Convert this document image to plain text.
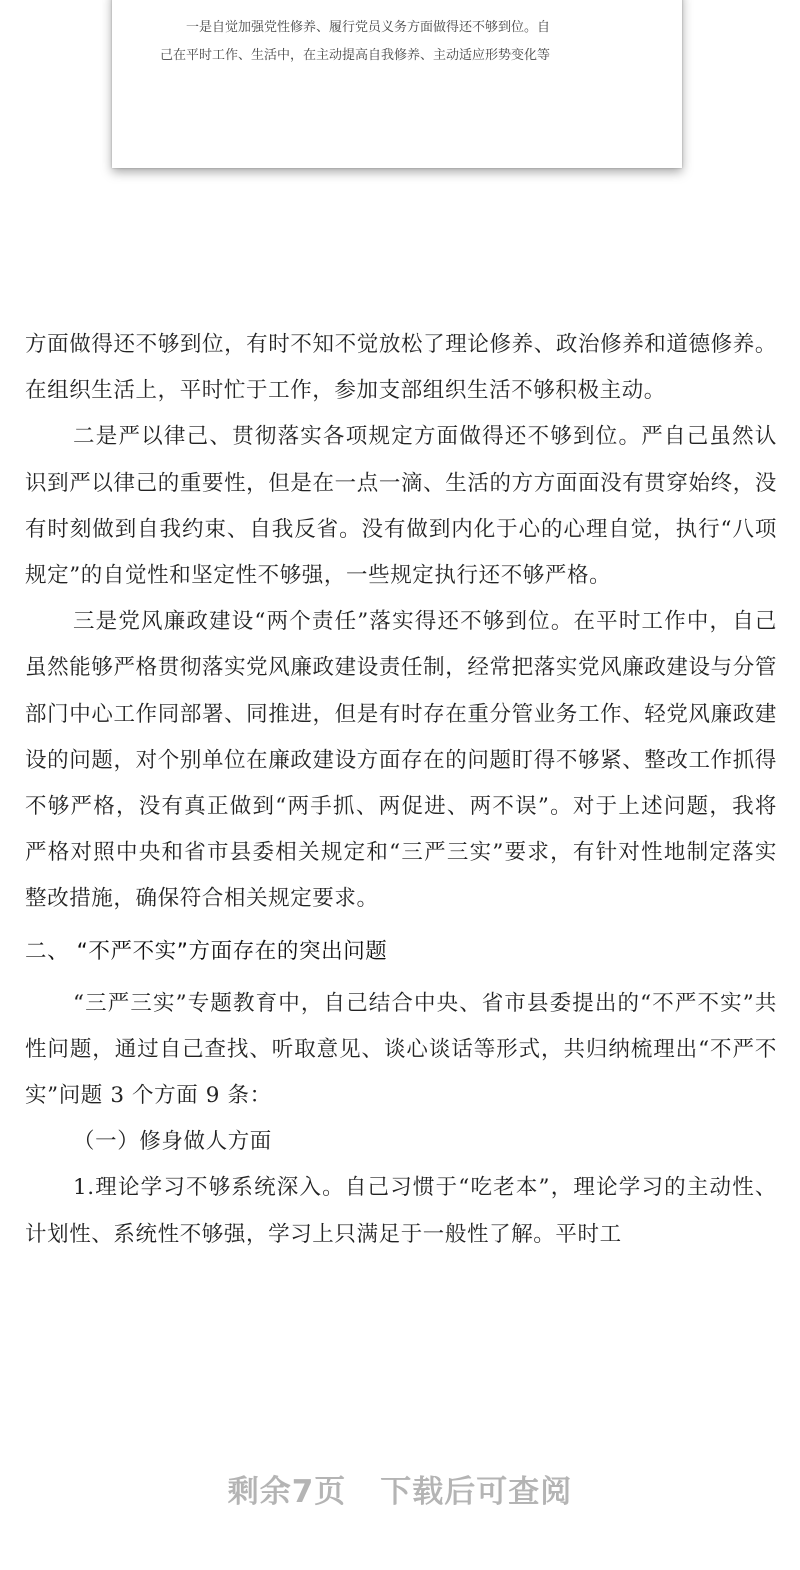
一是自觉加强党性修养、履行党员义务方面做得还不够到位。自
己在平时工作、生活中，在主动提高自我修养、主动适应形势变化等

方面做得还不够到位，有时不知不觉放松了理论修养、政治修养和道德修养。在组织生活上，平时忙于工作，参加支部组织生活不够积极主动。

二是严以律己、贯彻落实各项规定方面做得还不够到位。严自己虽然认识到严以律己的重要性，但是在一点一滴、生活的方方面面没有贯穿始终，没有时刻做到自我约束、自我反省。没有做到内化于心的心理自觉，执行“八项规定”的自觉性和坚定性不够强，一些规定执行还不够严格。

三是党风廉政建设“两个责任”落实得还不够到位。在平时工作中，自己虽然能够严格贯彻落实党风廉政建设责任制，经常把落实党风廉政建设与分管部门中心工作同部署、同推进，但是有时存在重分管业务工作、轻党风廉政建设的问题，对个别单位在廉政建设方面存在的问题盯得不够紧、整改工作抓得不够严格，没有真正做到“两手抓、两促进、两不误”。对于上述问题，我将严格对照中央和省市县委相关规定和“三严三实”要求，有针对性地制定落实整改措施，确保符合相关规定要求。

二、 “不严不实”方面存在的突出问题

“三严三实”专题教育中，自己结合中央、省市县委提出的“不严不实”共性问题，通过自己查找、听取意见、谈心谈话等形式，共归纳梳理出“不严不实”问题 3 个方面 9 条：

（一）修身做人方面

1.理论学习不够系统深入。自己习惯于“吃老本”，理论学习的主动性、计划性、系统性不够强，学习上只满足于一般性了解。平时工

剩余7页 下载后可查阅
